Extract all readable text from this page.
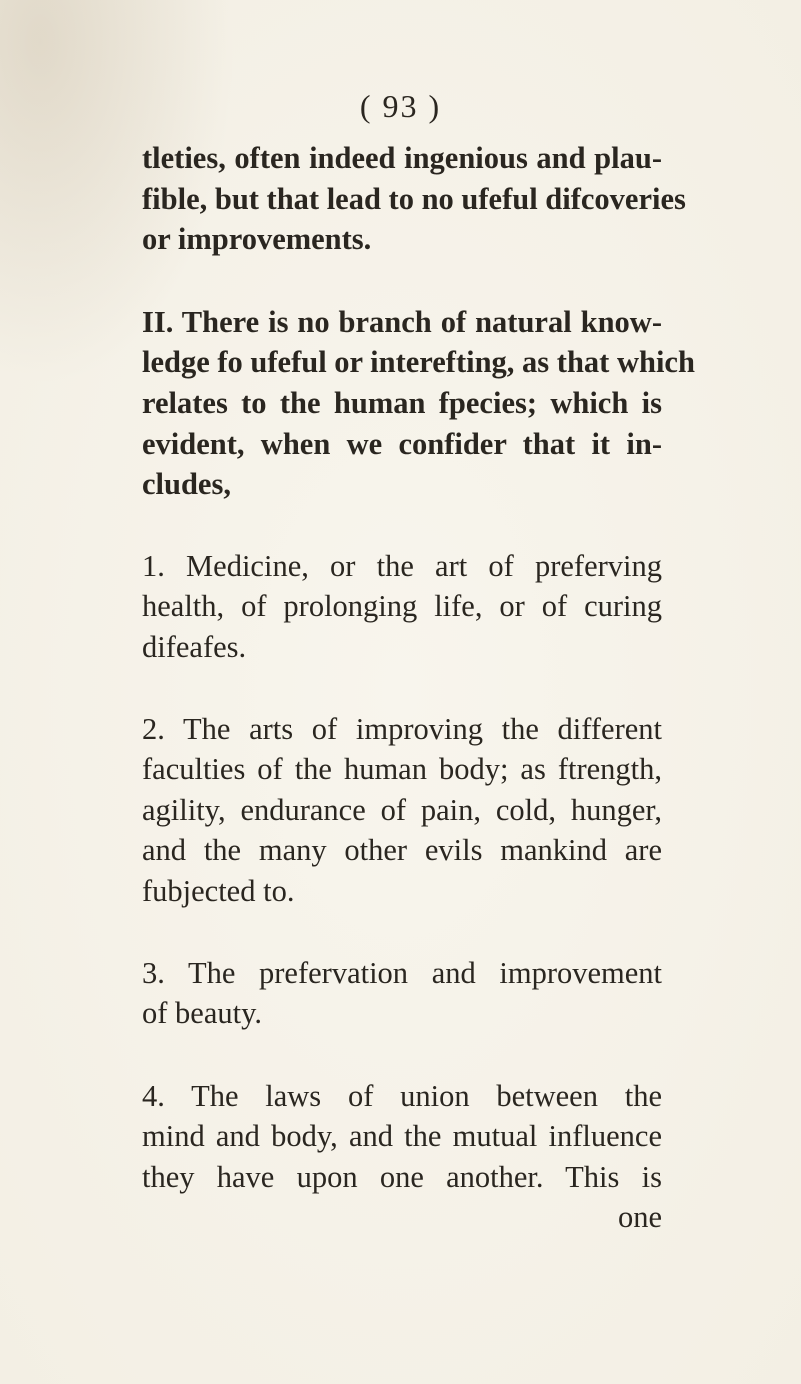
( 93 )

tleties, often indeed ingenious and plau-
fible, but that lead to no ufeful difcoveries
or improvements.

II. There is no branch of natural know-
ledge fo ufeful or interefting, as that which
relates to the human fpecies; which is
evident, when we confider that it in-
cludes,

1. Medicine, or the art of preferving
health, of prolonging life, or of curing
difeafes.

2. The arts of improving the different
faculties of the human body; as ftrength,
agility, endurance of pain, cold, hunger,
and the many other evils mankind are
fubjected to.

3. The prefervation and improvement
of beauty.

4. The laws of union between the
mind and body, and the mutual influence
they have upon one another. This is
one
